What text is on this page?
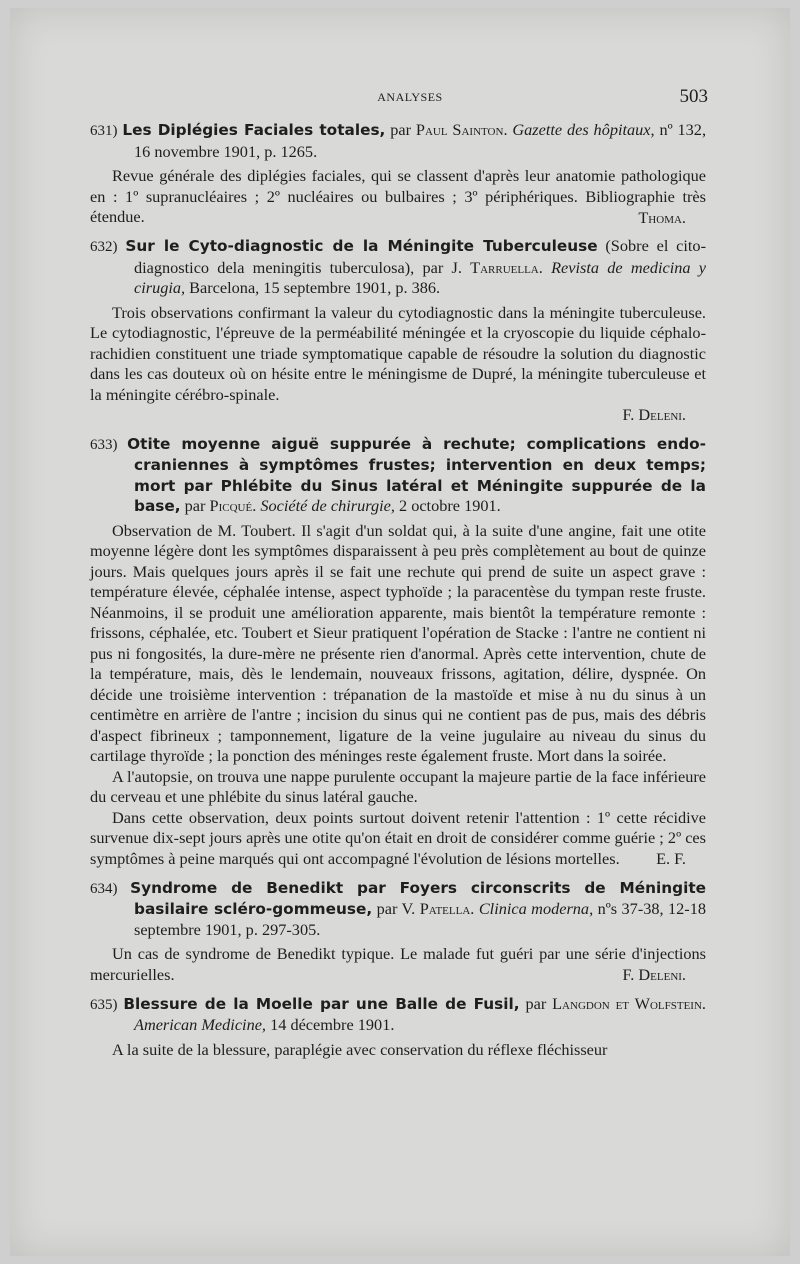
ANALYSES	503
631) Les Diplégies Faciales totales, par Paul Sainton. Gazette des hôpitaux, nº 132, 16 novembre 1901, p. 1265.

Revue générale des diplégies faciales, qui se classent d'après leur anatomie pathologique en : 1º supranucléaires ; 2º nucléaires ou bulbaires ; 3º périphériques. Bibliographie très étendue.	Thoma.
632) Sur le Cyto-diagnostic de la Méningite Tuberculeuse (Sobre el cito-diagnostico dela meningitis tuberculosa), par J. Tarruella. Revista de medicina y cirugia, Barcelona, 15 septembre 1901, p. 386.

Trois observations confirmant la valeur du cytodiagnostic dans la méningite tuberculeuse. Le cytodiagnostic, l'épreuve de la perméabilité méningée et la cryoscopie du liquide céphalo-rachidien constituent une triade symptomatique capable de résoudre la solution du diagnostic dans les cas douteux où on hésite entre le méningisme de Dupré, la méningite tuberculeuse et la méningite cérébro-spinale.

F. Deleni.
633) Otite moyenne aiguë suppurée à rechute; complications endo-craniennes à symptômes frustes; intervention en deux temps; mort par Phlébite du Sinus latéral et Méningite suppurée de la base, par Picqué. Société de chirurgie, 2 octobre 1901.

Observation de M. Toubert. Il s'agit d'un soldat qui, à la suite d'une angine, fait une otite moyenne légère dont les symptômes disparaissent à peu près complètement au bout de quinze jours. Mais quelques jours après il se fait une rechute qui prend de suite un aspect grave : température élevée, céphalée intense, aspect typhoïde ; la paracentèse du tympan reste fruste. Néanmoins, il se produit une amélioration apparente, mais bientôt la température remonte : frissons, céphalée, etc. Toubert et Sieur pratiquent l'opération de Stacke : l'antre ne contient ni pus ni fongosités, la dure-mère ne présente rien d'anormal. Après cette intervention, chute de la température, mais, dès le lendemain, nouveaux frissons, agitation, délire, dyspnée. On décide une troisième intervention : trépanation de la mastoïde et mise à nu du sinus à un centimètre en arrière de l'antre ; incision du sinus qui ne contient pas de pus, mais des débris d'aspect fibrineux ; tamponnement, ligature de la veine jugulaire au niveau du sinus du cartilage thyroïde ; la ponction des méninges reste également fruste. Mort dans la soirée.

A l'autopsie, on trouva une nappe purulente occupant la majeure partie de la face inférieure du cerveau et une phlébite du sinus latéral gauche.

Dans cette observation, deux points surtout doivent retenir l'attention : 1º cette récidive survenue dix-sept jours après une otite qu'on était en droit de considérer comme guérie ; 2º ces symptômes à peine marqués qui ont accompagné l'évolution de lésions mortelles.	E. F.
634) Syndrome de Benedikt par Foyers circonscrits de Méningite basilaire scléro-gommeuse, par V. Patella. Clinica moderna, nºs 37-38, 12-18 septembre 1901, p. 297-305.

Un cas de syndrome de Benedikt typique. Le malade fut guéri par une série d'injections mercurielles.	F. Deleni.
635) Blessure de la Moelle par une Balle de Fusil, par Langdon et Wolfstein. American Medicine, 14 décembre 1901.

A la suite de la blessure, paraplégie avec conservation du réflexe fléchisseur
